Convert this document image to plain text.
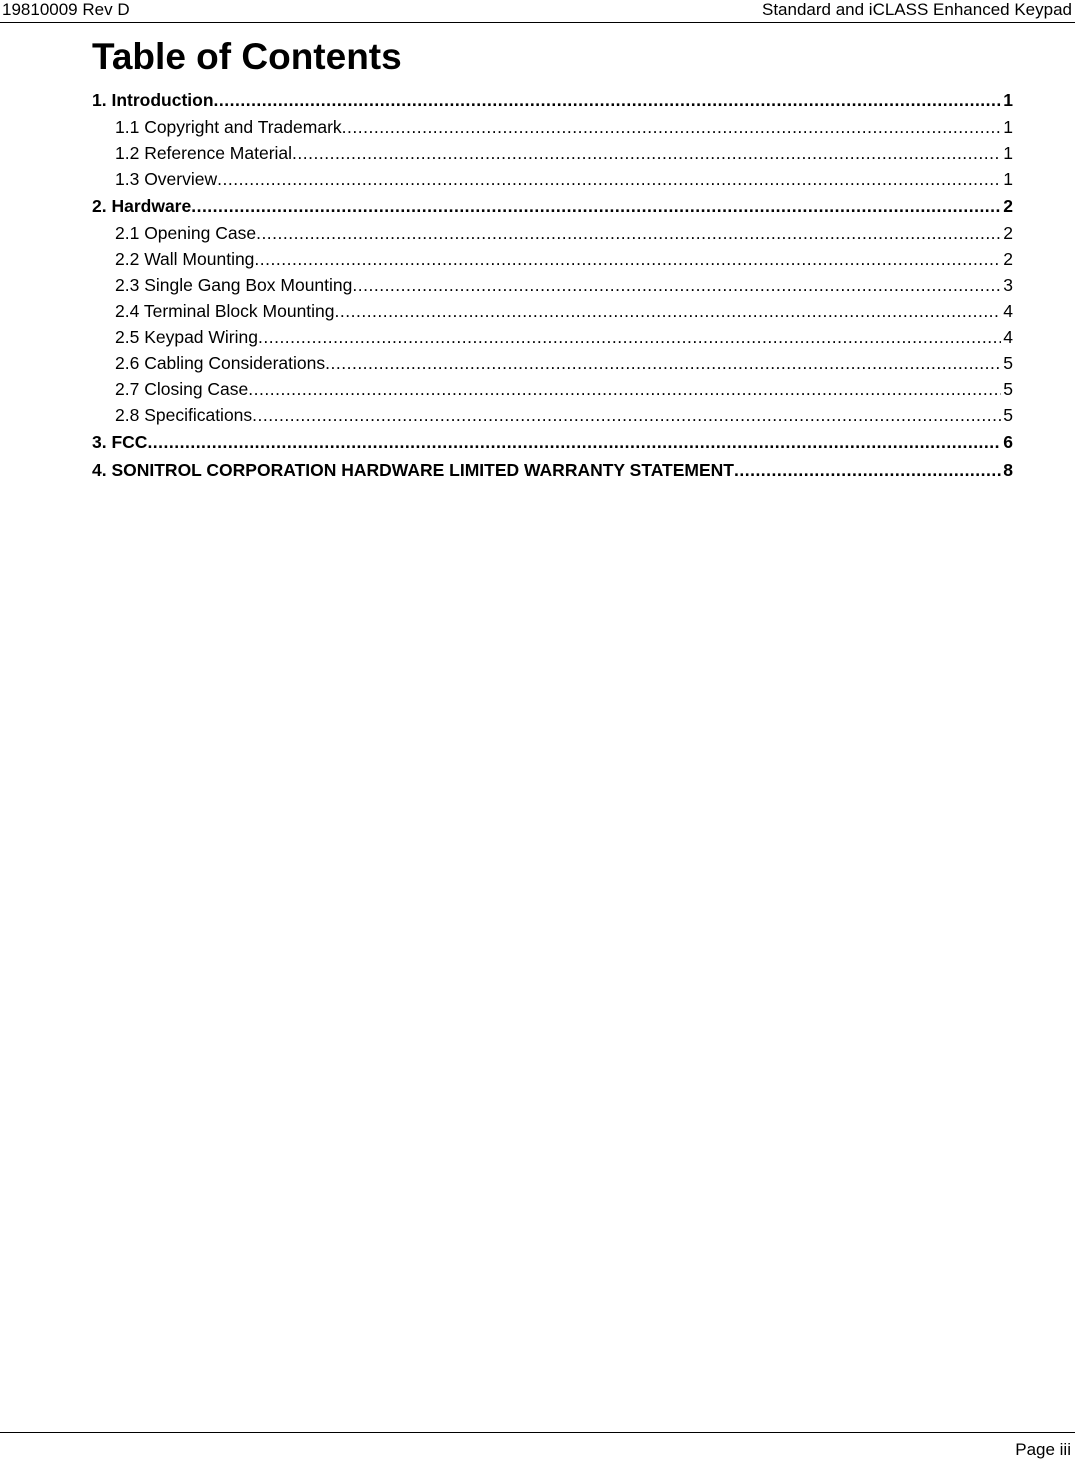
19810009 Rev D	Standard and iCLASS Enhanced Keypad
Table of Contents
1. Introduction .....	1
1.1 Copyright and Trademark .....	1
1.2 Reference Material .....	1
1.3 Overview .....	1
2. Hardware .....	2
2.1 Opening Case .....	2
2.2 Wall Mounting .....	2
2.3 Single Gang Box Mounting .....	3
2.4 Terminal Block Mounting .....	4
2.5 Keypad Wiring .....	4
2.6 Cabling Considerations .....	5
2.7 Closing Case .....	5
2.8 Specifications .....	5
3. FCC .....	6
4. SONITROL CORPORATION HARDWARE LIMITED WARRANTY STATEMENT .....	8
Page iii
